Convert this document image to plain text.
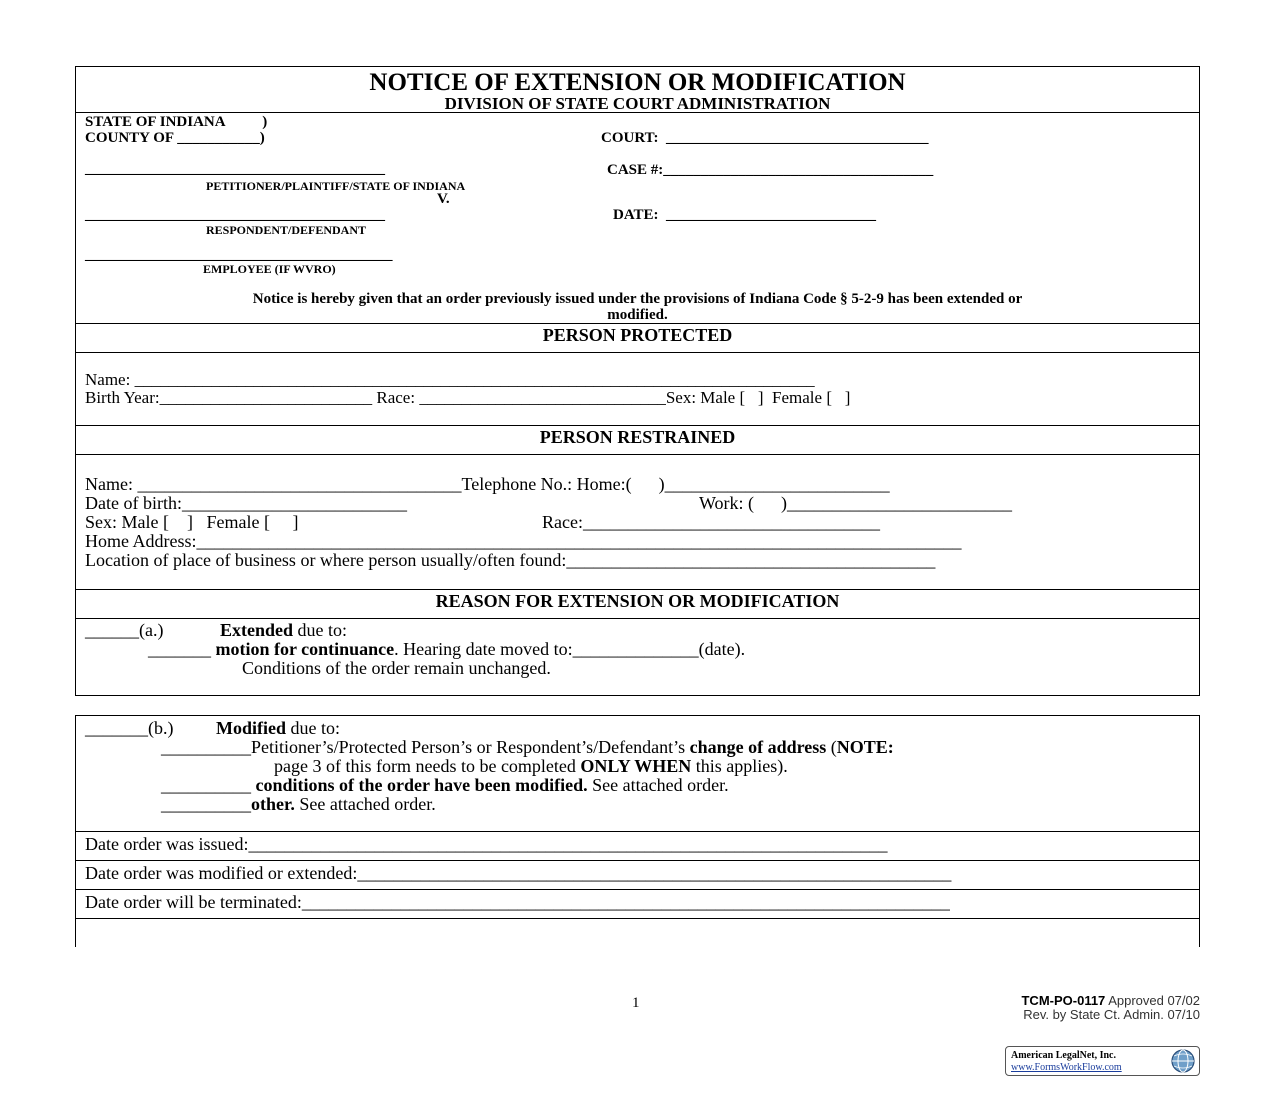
NOTICE OF EXTENSION OR MODIFICATION
DIVISION OF STATE COURT ADMINISTRATION
STATE OF INDIANA          )
COUNTY OF ___________)	COURT:  ___________________________________
________________________________________	CASE #:____________________________________
PETITIONER/PLAINTIFF/STATE OF INDIANA
V.
________________________________________	DATE:  ____________________________
RESPONDENT/DEFENDANT
_________________________________________
EMPLOYEE (IF WVRO)
Notice is hereby given that an order previously issued under the provisions of Indiana Code § 5-2-9 has been extended or
modified.
PERSON PROTECTED
Name: ________________________________________________________________________________
Birth Year:_________________________ Race: _____________________________Sex: Male [   ]  Female [   ]
PERSON RESTRAINED
Name: ____________________________________Telephone No.: Home:(      )_________________________
Date of birth:_________________________	Work: (      )_________________________
Sex: Male [    ]   Female [     ]	Race:_________________________________
Home Address:_____________________________________________________________________________________
Location of place of business or where person usually/often found:_________________________________________
REASON FOR EXTENSION OR MODIFICATION
______(a.)	Extended due to:
_______ motion for continuance. Hearing date moved to:______________(date).
Conditions of the order remain unchanged.
_______(b.) Modified due to:
__________Petitioner’s/Protected Person’s or Respondent’s/Defendant’s change of address (NOTE:
page 3 of this form needs to be completed ONLY WHEN this applies).
__________ conditions of the order have been modified. See attached order.
__________other. See attached order.
Date order was issued:_______________________________________________________________________
Date order was modified or extended:__________________________________________________________________
Date order will be terminated:________________________________________________________________________
1	TCM-PO-0117 Approved 07/02
Rev. by State Ct. Admin. 07/10
American LegalNet, Inc.
www.FormsWorkFlow.com
